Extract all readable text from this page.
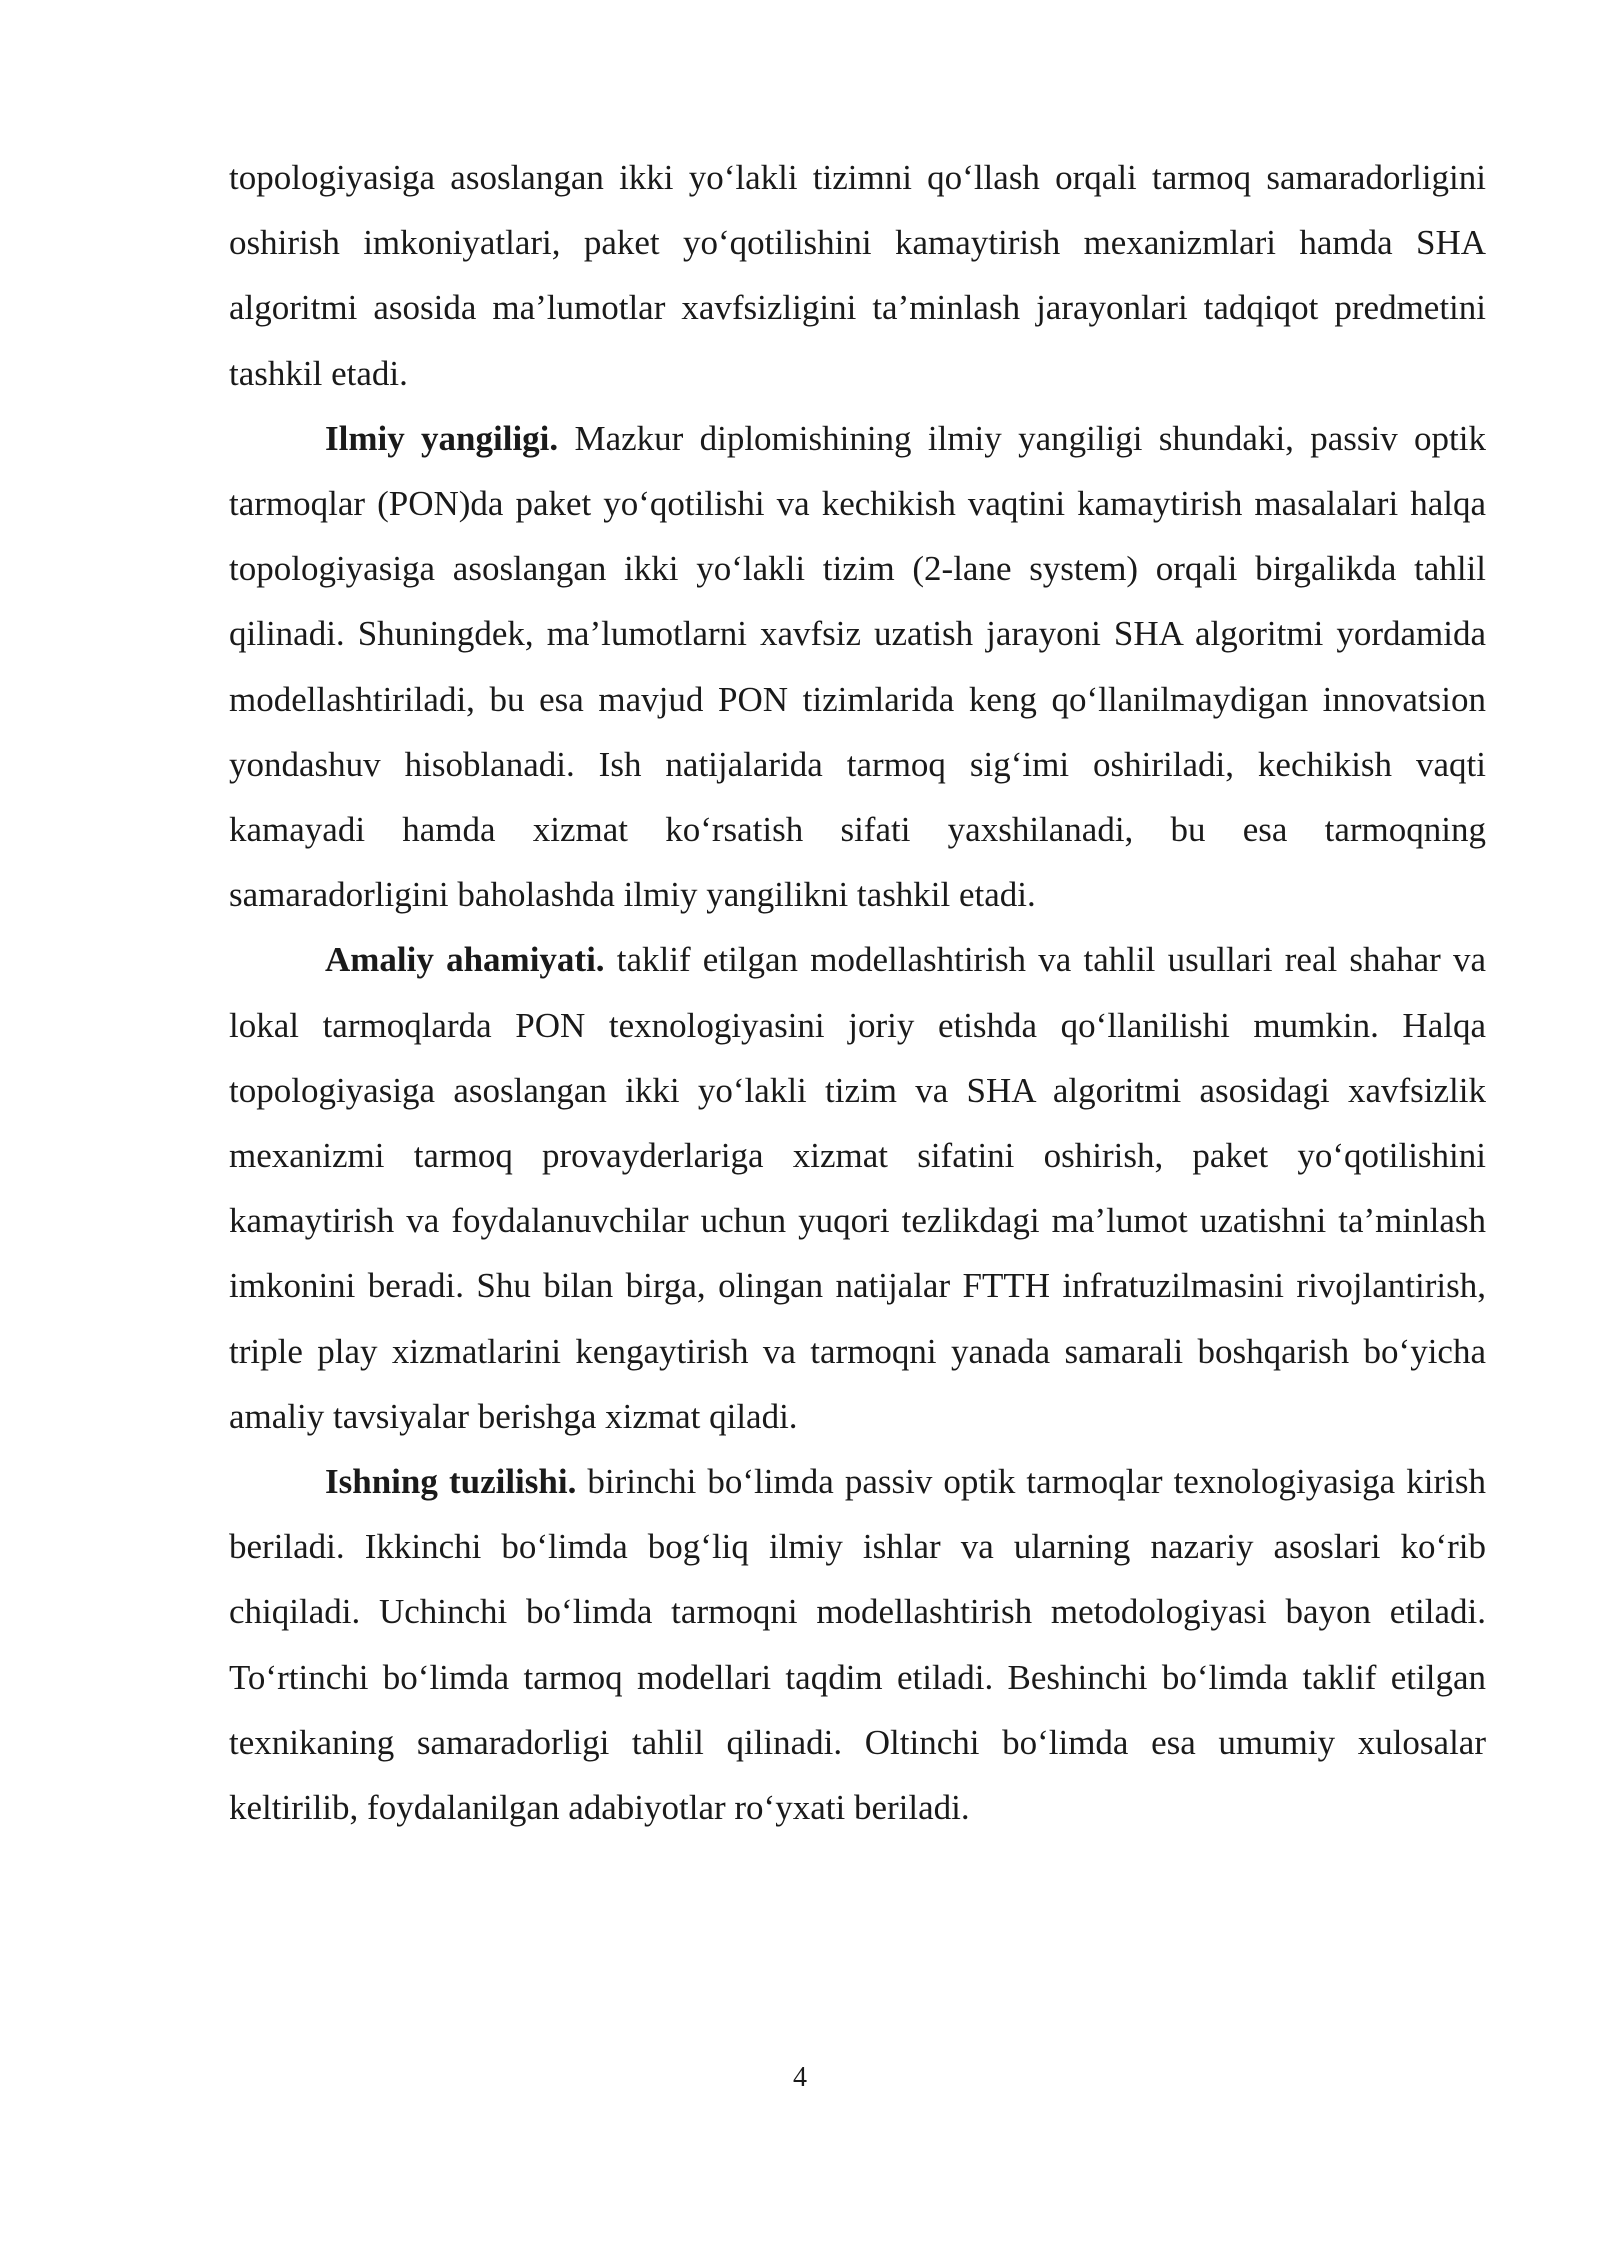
topologiyasiga asoslangan ikki yo‘lakli tizimni qo‘llash orqali tarmoq samaradorligini oshirish imkoniyatlari, paket yo‘qotilishini kamaytirish mexanizmlari hamda SHA algoritmi asosida ma’lumotlar xavfsizligini ta’minlash jarayonlari tadqiqot predmetini tashkil etadi.

Ilmiy yangiligi. Mazkur diplomishining ilmiy yangiligi shundaki, passiv optik tarmoqlar (PON)da paket yo‘qotilishi va kechikish vaqtini kamaytirish masalalari halqa topologiyasiga asoslangan ikki yo‘lakli tizim (2-lane system) orqali birgalikda tahlil qilinadi. Shuningdek, ma’lumotlarni xavfsiz uzatish jarayoni SHA algoritmi yordamida modellashtiriladi, bu esa mavjud PON tizimlarida keng qo‘llanilmaydigan innovatsion yondashuv hisoblanadi. Ish natijalarida tarmoq sig‘imi oshiriladi, kechikish vaqti kamayadi hamda xizmat ko‘rsatish sifati yaxshilanadi, bu esa tarmoqning samaradorligini baholashda ilmiy yangilikni tashkil etadi.

Amaliy ahamiyati. taklif etilgan modellashtirish va tahlil usullari real shahar va lokal tarmoqlarda PON texnologiyasini joriy etishda qo‘llanilishi mumkin. Halqa topologiyasiga asoslangan ikki yo‘lakli tizim va SHA algoritmi asosidagi xavfsizlik mexanizmi tarmoq provayderlariga xizmat sifatini oshirish, paket yo‘qotilishini kamaytirish va foydalanuvchilar uchun yuqori tezlikdagi ma’lumot uzatishni ta’minlash imkonini beradi. Shu bilan birga, olingan natijalar FTTH infratuzilmasini rivojlantirish, triple play xizmatlarini kengaytirish va tarmoqni yanada samarali boshqarish bo‘yicha amaliy tavsiyalar berishga xizmat qiladi.

Ishning tuzilishi. birinchi bo‘limda passiv optik tarmoqlar texnologiyasiga kirish beriladi. Ikkinchi bo‘limda bog‘liq ilmiy ishlar va ularning nazariy asoslari ko‘rib chiqiladi. Uchinchi bo‘limda tarmoqni modellashtirish metodologiyasi bayon etiladi. To‘rtinchi bo‘limda tarmoq modellari taqdim etiladi. Beshinchi bo‘limda taklif etilgan texnikaning samaradorligi tahlil qilinadi. Oltinchi bo‘limda esa umumiy xulosalar keltirilib, foydalanilgan adabiyotlar ro‘yxati beriladi.

4
